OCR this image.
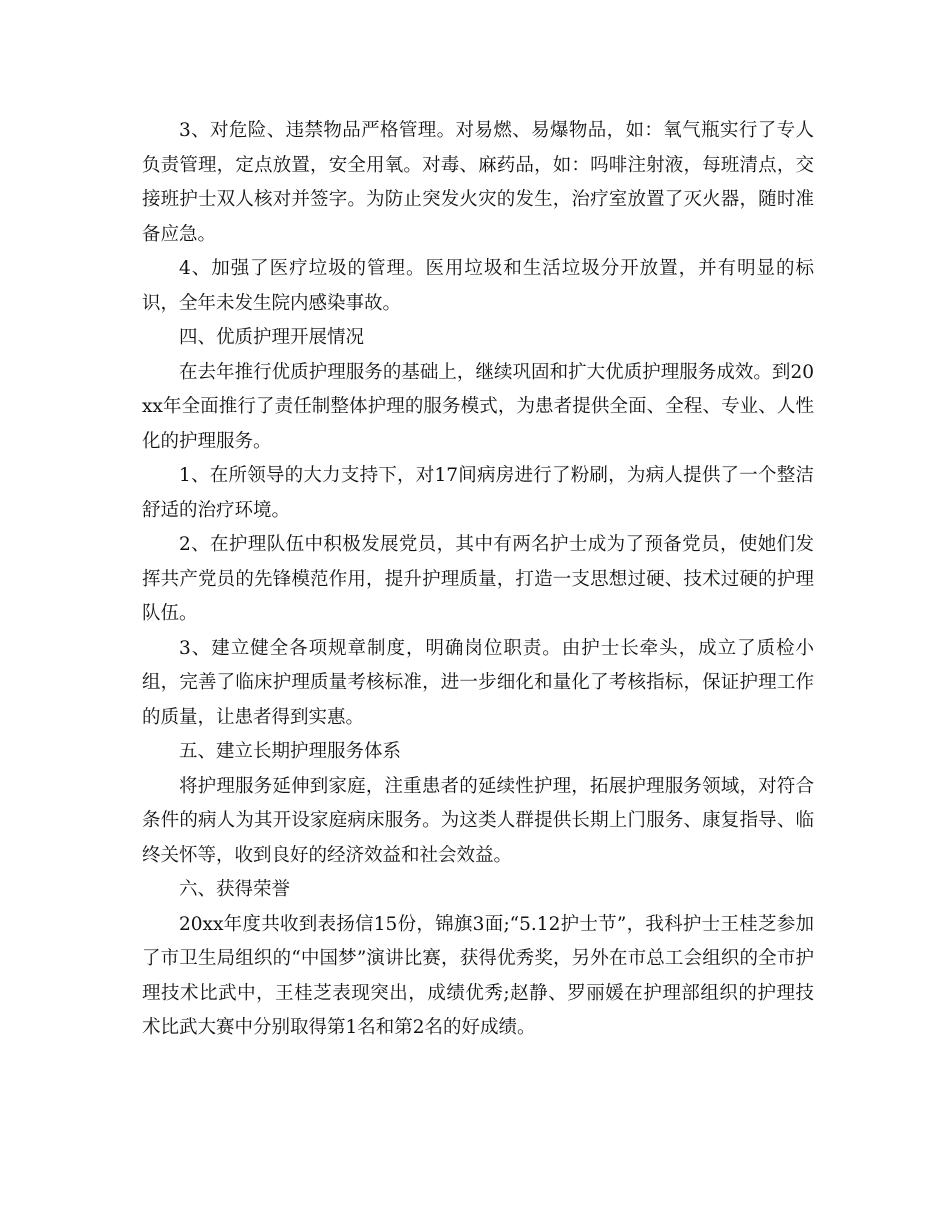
3、对危险、违禁物品严格管理。对易燃、易爆物品，如：氧气瓶实行了专人负责管理，定点放置，安全用氧。对毒、麻药品，如：吗啡注射液，每班清点，交接班护士双人核对并签字。为防止突发火灾的发生，治疗室放置了灭火器，随时准备应急。

4、加强了医疗垃圾的管理。医用垃圾和生活垃圾分开放置，并有明显的标识，全年未发生院内感染事故。

四、优质护理开展情况

在去年推行优质护理服务的基础上，继续巩固和扩大优质护理服务成效。到20xx年全面推行了责任制整体护理的服务模式，为患者提供全面、全程、专业、人性化的护理服务。

1、在所领导的大力支持下，对17间病房进行了粉刷，为病人提供了一个整洁舒适的治疗环境。

2、在护理队伍中积极发展党员，其中有两名护士成为了预备党员，使她们发挥共产党员的先锋模范作用，提升护理质量，打造一支思想过硬、技术过硬的护理队伍。

3、建立健全各项规章制度，明确岗位职责。由护士长牵头，成立了质检小组，完善了临床护理质量考核标准，进一步细化和量化了考核指标，保证护理工作的质量，让患者得到实惠。

五、建立长期护理服务体系

将护理服务延伸到家庭，注重患者的延续性护理，拓展护理服务领域，对符合条件的病人为其开设家庭病床服务。为这类人群提供长期上门服务、康复指导、临终关怀等，收到良好的经济效益和社会效益。

六、获得荣誉

20xx年度共收到表扬信15份，锦旗3面;“5.12护士节”，我科护士王桂芝参加了市卫生局组织的“中国梦”演讲比赛，获得优秀奖，另外在市总工会组织的全市护理技术比武中，王桂芝表现突出，成绩优秀;赵静、罗丽媛在护理部组织的护理技术比武大赛中分别取得第1名和第2名的好成绩。
